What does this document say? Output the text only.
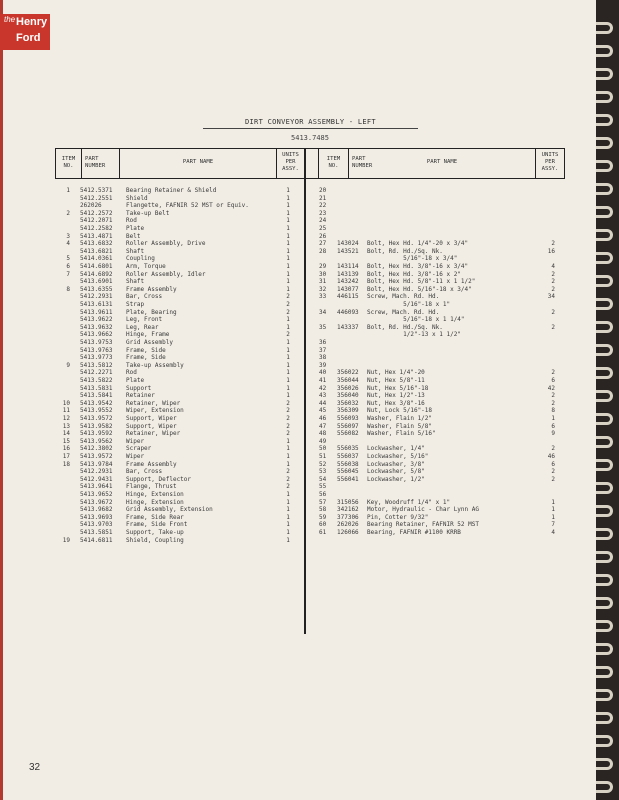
the Henry
Ford
DIRT CONVEYOR ASSEMBLY - LEFT
5413.7485
ITEM
NO.
PART
NUMBER
PART NAME
UNITS
PER
ASSY.
ITEM
NO.
PART
NUMBER
PART NAME
UNITS
PER
ASSY.
1 5412.5371 Bearing Retainer & Shield	1
5412.2551 Shield	1
262026	Flangette, FAFNIR 52 MST or Equiv.	1
2 5412.2572 Take-up Belt	1
5412.2071 Rod	1
5412.2582 Plate	1
3 5413.4871 Belt	1
4 5413.6832 Roller Assembly, Drive	1
5413.6821 Shaft	1
5 5414.0361 Coupling	1
6 5414.6801 Arm, Torque	1
7 5414.6892 Roller Assembly, Idler	1
5413.6901 Shaft	1
8 5413.6355 Frame Assembly	1
5412.2931 Bar, Cross	2
5413.6131 Strap	2
5413.9611 Plate, Bearing	2
5413.9622 Leg, Front	1
5413.9632 Leg, Rear	1
5413.9662 Hinge, Frame	2
5413.9753 Grid Assembly	1
5413.9763 Frame, Side	1
5413.9773 Frame, Side	1
9 5413.5812 Take-up Assembly	1
5412.2271 Rod	1
5413.5822 Plate	1
5413.5831 Support	1
5413.5841 Retainer	1
10 5413.9542 Retainer, Wiper	2
11 5413.9552 Wiper, Extension	2
12 5413.9572 Support, Wiper	2
13 5413.9582 Support, Wiper	2
14 5413.9592 Retainer, Wiper	2
15 5413.9562 Wiper	1
16 5412.3802 Scraper	1
17 5413.9572 Wiper	1
18 5413.9784 Frame Assembly	1
5412.2931 Bar, Cross	2
5412.9431 Support, Deflector	2
5413.9641 Flange, Thrust	2
5413.9652 Hinge, Extension	1
5413.9672 Hinge, Extension	1
5413.9682 Grid Assembly, Extension	1
5413.9693 Frame, Side Rear	1
5413.9703 Frame, Side Front	1
5413.5851 Support, Take-up	1
19 5414.6811 Shield, Coupling	1
20
21
22
23
24
25
26
27 143024 Bolt, Hex Hd. 1/4"-20 x 3/4"	2
28 143521 Bolt, Rd. Hd./Sq. Nk.	16
5/16"-18 x 3/4"
29 143114 Bolt, Hex Hd. 3/8"-16 x 3/4"	4
30 143139 Bolt, Hex Hd. 3/8"-16 x 2"	2
31 143242 Bolt, Hex Hd. 5/8"-11 x 1 1/2"	2
32 143077 Bolt, Hex Hd. 5/16"-18 x 3/4"	2
33 446115 Screw, Mach. Rd. Hd.	34
5/16"-18 x 1"
34 446093 Screw, Mach. Rd. Hd.	2
5/16"-18 x 1 1/4"
35 143337 Bolt, Rd. Hd./Sq. Nk.	2
1/2"-13 x 1 1/2"
36
37
38
39
40 356022 Nut, Hex 1/4"-20	2
41 356044 Nut, Hex 5/8"-11	6
42 356026 Nut, Hex 5/16"-18	42
43 356040 Nut, Hex 1/2"-13	2
44 356032 Nut, Hex 3/8"-16	2
45 356309 Nut, Lock 5/16"-18	8
46 556093 Washer, Flain 1/2"	1
47 556097 Washer, Flain 5/8"	6
48 556082 Washer, Flain 5/16"	9
49
50 556035 Lockwasher, 1/4"	2
51 556037 Lockwasher, 5/16"	46
52 556038 Lockwasher, 3/8"	6
53 556045 Lockwasher, 5/8"	2
54 556041 Lockwasher, 1/2"	2
55
56
57 315056 Key, Woodruff 1/4" x 1"	1
58 342162 Motor, Hydraulic - Char Lynn AG	1
59 377306 Pin, Cotter 9/32"	1
60 262026 Bearing Retainer, FAFNIR 52 MST	7
61 126066 Bearing, FAFNIR #1100 KRRB	4
32
